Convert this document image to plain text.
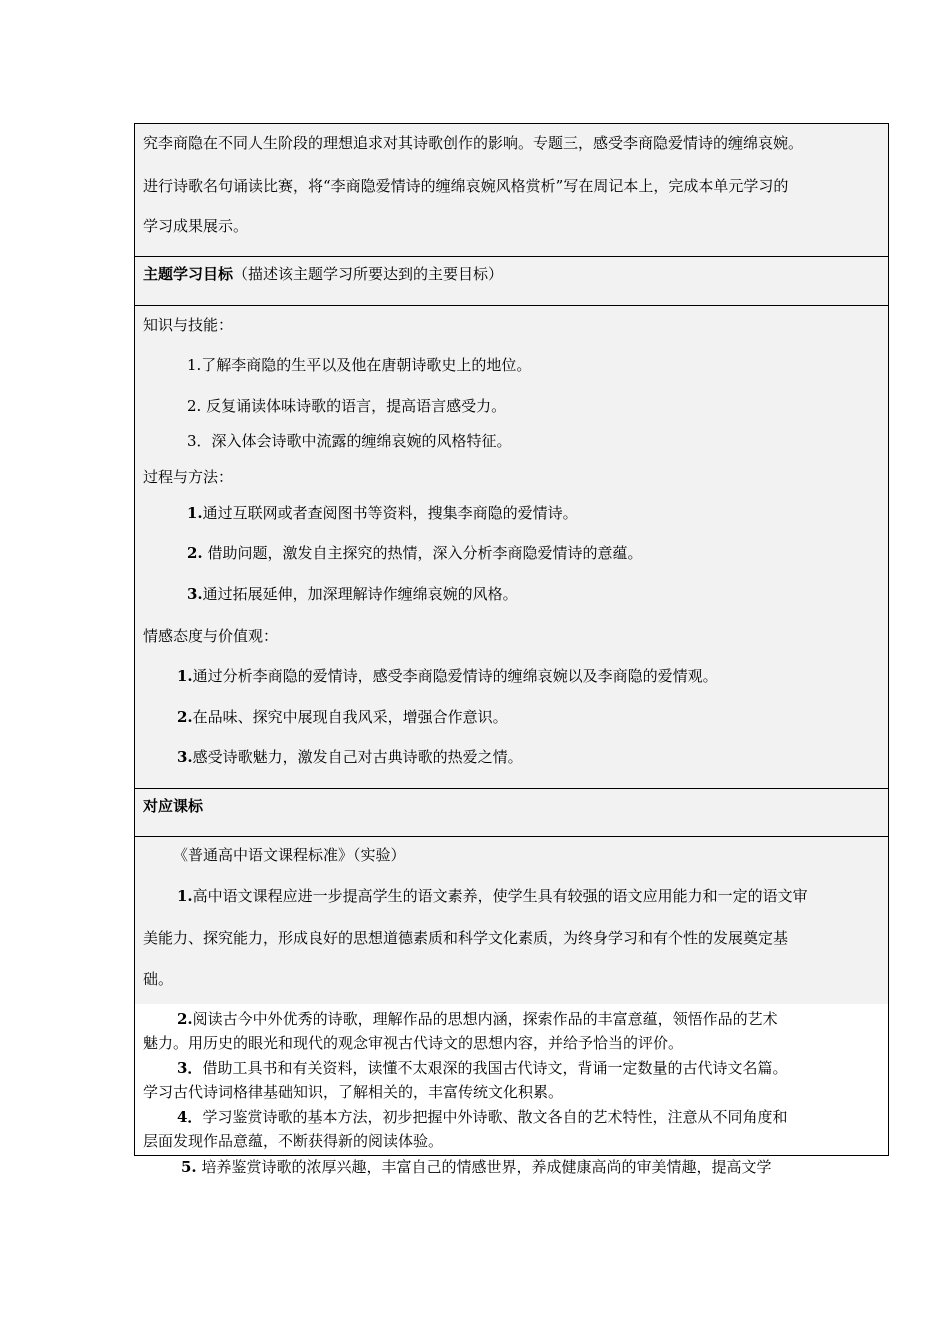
究李商隐在不同人生阶段的理想追求对其诗歌创作的影响。专题三，感受李商隐爱情诗的缠绵哀婉。
进行诗歌名句诵读比赛，将“李商隐爱情诗的缠绵哀婉风格赏析”写在周记本上，完成本单元学习的
学习成果展示。
主题学习目标（描述该主题学习所要达到的主要目标）
知识与技能：
1.了解李商隐的生平以及他在唐朝诗歌史上的地位。
2. 反复诵读体味诗歌的语言，提高语言感受力。
3．深入体会诗歌中流露的缠绵哀婉的风格特征。
过程与方法：
1.通过互联网或者查阅图书等资料，搜集李商隐的爱情诗。
2. 借助问题，激发自主探究的热情，深入分析李商隐爱情诗的意蕴。
3.通过拓展延伸，加深理解诗作缠绵哀婉的风格。
情感态度与价值观：
1.通过分析李商隐的爱情诗，感受李商隐爱情诗的缠绵哀婉以及李商隐的爱情观。
2.在品味、探究中展现自我风采，增强合作意识。
3.感受诗歌魅力，激发自己对古典诗歌的热爱之情。
对应课标
《普通高中语文课程标准》（实验）
1.高中语文课程应进一步提高学生的语文素养，使学生具有较强的语文应用能力和一定的语文审
美能力、探究能力，形成良好的思想道德素质和科学文化素质，为终身学习和有个性的发展奠定基
础。
2.阅读古今中外优秀的诗歌，理解作品的思想内涵，探索作品的丰富意蕴，领悟作品的艺术
魅力。用历史的眼光和现代的观念审视古代诗文的思想内容，并给予恰当的评价。
3．借助工具书和有关资料，读懂不太艰深的我国古代诗文，背诵一定数量的古代诗文名篇。
学习古代诗词格律基础知识，了解相关的，丰富传统文化积累。
4．学习鉴赏诗歌的基本方法，初步把握中外诗歌、散文各自的艺术特性，注意从不同角度和
层面发现作品意蕴，不断获得新的阅读体验。
5. 培养鉴赏诗歌的浓厚兴趣，丰富自己的情感世界，养成健康高尚的审美情趣，提高文学
